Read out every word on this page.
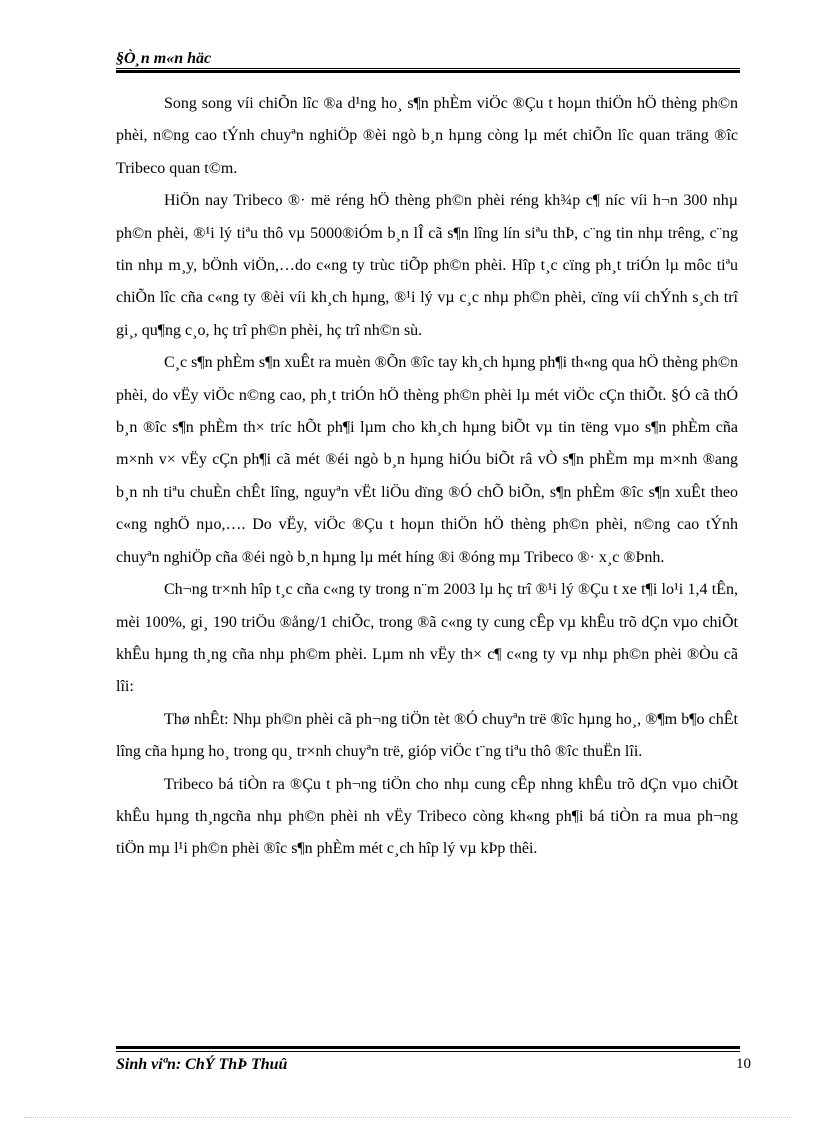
§Ò¸n m«n häc

Song song víi chiÕn lîc ®a d¹ng ho¸ s¶n phÈm viÖc ®Çu t hoµn thiÖn hÖ thèng ph©n phèi, n©ng cao tÝnh chuyªn nghiÖp ®èi ngò b¸n hµng còng lµ mét chiÕn lîc quan träng ®îc Tribeco quan t©m.

HiÖn nay Tribeco ®· më réng hÖ thèng ph©n phèi réng kh¾p c¶ níc víi h¬n 300 nhµ ph©n phèi, ®¹i lý tiªu thô vµ 5000®iÓm b¸n lÎ cã s¶n lîng lín siªu thÞ, c¨ng tin nhµ trêng, c¨ng tin nhµ m¸y, bÖnh viÖn,…do c«ng ty trùc tiÕp ph©n phèi. Hîp t¸c cïng ph¸t triÓn lµ môc tiªu chiÕn lîc cña c«ng ty ®èi víi kh¸ch hµng, ®¹i lý vµ c¸c nhµ ph©n phèi, cïng víi chÝnh s¸ch trî gi¸, qu¶ng c¸o, hç trî ph©n phèi, hç trî nh©n sù.

C¸c s¶n phÈm s¶n xuÊt ra muèn ®Õn ®îc tay kh¸ch hµng ph¶i th«ng qua hÖ thèng ph©n phèi, do vËy viÖc n©ng cao, ph¸t triÓn hÖ thèng ph©n phèi lµ mét viÖc cÇn thiÕt. §Ó cã thÓ b¸n ®îc s¶n phÈm th× tríc hÕt ph¶i lµm cho kh¸ch hµng biÕt vµ tin tëng vµo s¶n phÈm cña m×nh v× vËy cÇn ph¶i cã mét ®éi ngò b¸n hµng hiÓu biÕt râ vÒ s¶n phÈm mµ m×nh ®ang b¸n nh tiªu chuÈn chÊt lîng, nguyªn vËt liÖu dïng ®Ó chÕ biÕn, s¶n phÈm ®îc s¶n xuÊt theo c«ng nghÖ nµo,…. Do vËy, viÖc ®Çu t hoµn thiÖn hÖ thèng ph©n phèi, n©ng cao tÝnh chuyªn nghiÖp cña ®éi ngò b¸n hµng lµ mét híng ®i ®óng mµ Tribeco ®· x¸c ®Þnh.

Ch¬ng tr×nh hîp t¸c cña c«ng ty trong n¨m 2003 lµ hç trî ®¹i lý ®Çu t xe t¶i lo¹i 1,4 tÊn, mèi 100%, gi¸ 190 triÖu ®ång/1 chiÕc, trong ®ã c«ng ty cung cÊp vµ khÊu trõ dÇn vµo chiÕt khÊu hµng th¸ng cña nhµ ph©m phèi. Lµm nh vËy th× c¶ c«ng ty vµ nhµ ph©n phèi ®Òu cã lîi:

Thø nhÊt: Nhµ ph©n phèi cã ph¬ng tiÖn tèt ®Ó chuyªn trë ®îc hµng ho¸, ®¶m b¶o chÊt lîng cña hµng ho¸ trong qu¸ tr×nh chuyªn trë, gióp viÖc t¨ng tiªu thô ®îc thuËn lîi.

Tribeco bá tiÒn ra ®Çu t ph¬ng tiÖn cho nhµ cung cÊp nhng khÊu trõ dÇn vµo chiÕt khÊu hµng th¸ngcña nhµ ph©n phèi nh vËy Tribeco còng kh«ng ph¶i bá tiÒn ra mua ph¬ng tiÖn mµ l¹i ph©n phèi ®îc s¶n phÈm mét c¸ch hîp lý vµ kÞp thêi.

Sinh viªn: ChÝ ThÞ Thuû	10
